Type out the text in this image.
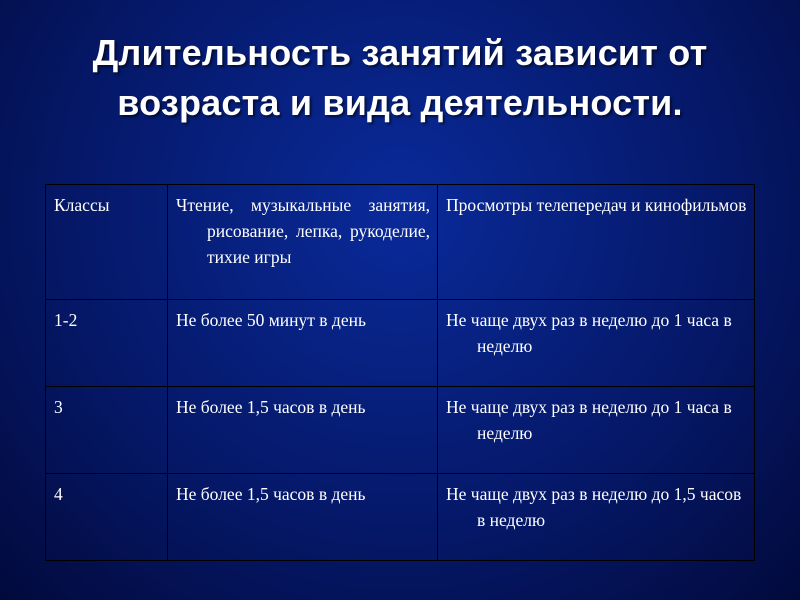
Длительность занятий зависит от
возраста и вида деятельности.
Классы	Чтение, музыкальные занятия, рисование, лепка, рукоделие, тихие игры	Просмотры телепередач и кинофильмов

1-2	Не более 50 минут в день	Не чаще двух раз в неделю до 1 часа в неделю

3	Не более 1,5 часов в день	Не чаще двух раз в неделю до 1 часа в неделю

4	Не более 1,5 часов в день	Не чаще двух раз в неделю до 1,5 часов в неделю
